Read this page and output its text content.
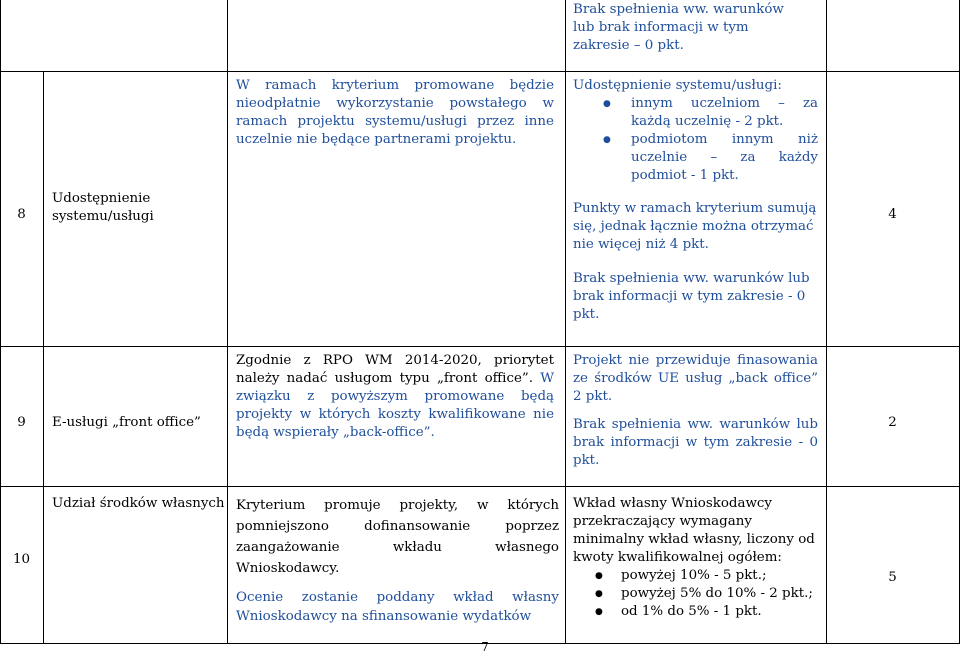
Brak spełnienia ww. warunków lub brak informacji w tym zakresie – 0 pkt.
8
Udostępnienie systemu/usługi
W ramach kryterium promowane będzie nieodpłatnie wykorzystanie powstałego w ramach projektu systemu/usługi przez inne uczelnie nie będące partnerami projektu.

Udostępnienie systemu/usługi:

● innym uczelniom – za każdą uczelnię - 2 pkt.

● podmiotom innym niż uczelnie – za każdy podmiot - 1 pkt.

Punkty w ramach kryterium sumują się, jednak łącznie można otrzymać nie więcej niż 4 pkt.

Brak spełnienia ww. warunków lub brak informacji w tym zakresie - 0 pkt.

4
9	E-usługi „front office”
Zgodnie z RPO WM 2014-2020, priorytet należy nadać usługom typu „front office”. W związku z powyższym promowane będą projekty w których koszty kwalifikowane nie będą wspierały „back-office”.

Projekt nie przewiduje finasowania ze środków UE usług „back office” 2 pkt.

Brak spełnienia ww. warunków lub brak informacji w tym zakresie - 0 pkt.

2
10
Udział środków własnych Kryterium promuje projekty, w których pomniejszono dofinansowanie poprzez zaangażowanie wkładu własnego Wnioskodawcy.

Ocenie zostanie poddany wkład własny Wnioskodawcy na sfinansowanie wydatków

Wkład własny Wnioskodawcy przekraczający wymagany minimalny wkład własny, liczony od kwoty kwalifikowalnej ogółem:

● powyżej 10% - 5 pkt.;

● powyżej 5% do 10% - 2 pkt.;

● od 1% do 5% - 1 pkt.

5
7
